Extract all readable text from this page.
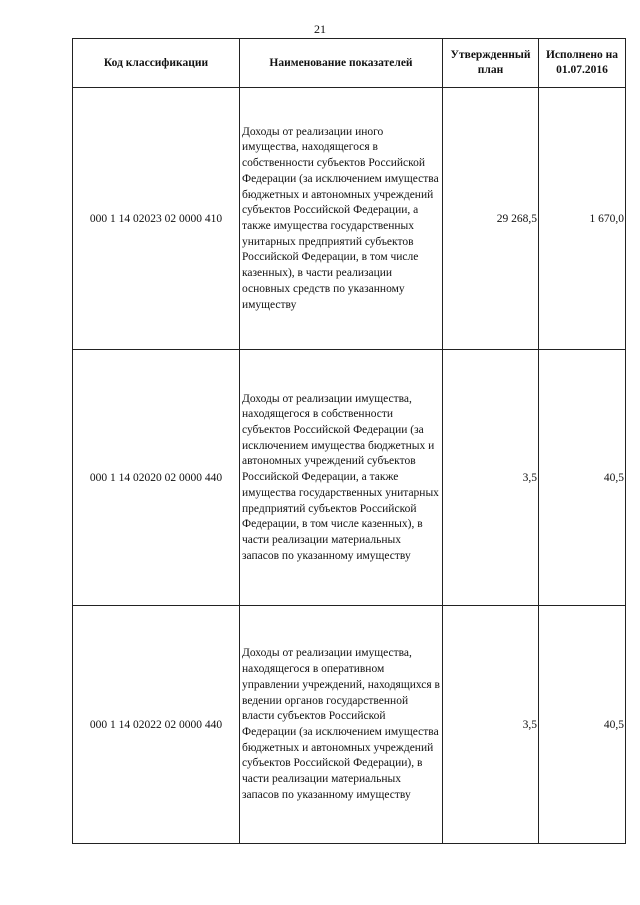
21
Код классификации	Наименование показателей	Утвержденный план	Исполнено на 01.07.2016
000 1 14 02023 02 0000 410	Доходы от реализации иного имущества, находящегося в собственности субъектов Российской Федерации (за исключением имущества бюджетных и автономных учреждений субъектов Российской Федерации, а также имущества государственных унитарных предприятий субъектов Российской Федерации, в том числе казенных), в части реализации основных средств по указанному имуществу	29 268,5	1 670,0
000 1 14 02020 02 0000 440	Доходы от реализации имущества, находящегося в собственности субъектов Российской Федерации (за исключением имущества бюджетных и автономных учреждений субъектов Российской Федерации, а также имущества государственных унитарных предприятий субъектов Российской Федерации, в том числе казенных), в части реализации материальных запасов по указанному имуществу	3,5	40,5
000 1 14 02022 02 0000 440	Доходы от реализации имущества, находящегося в оперативном управлении учреждений, находящихся в ведении органов государственной власти субъектов Российской Федерации (за исключением имущества бюджетных и автономных учреждений субъектов Российской Федерации), в части реализации материальных запасов по указанному имуществу	3,5	40,5
